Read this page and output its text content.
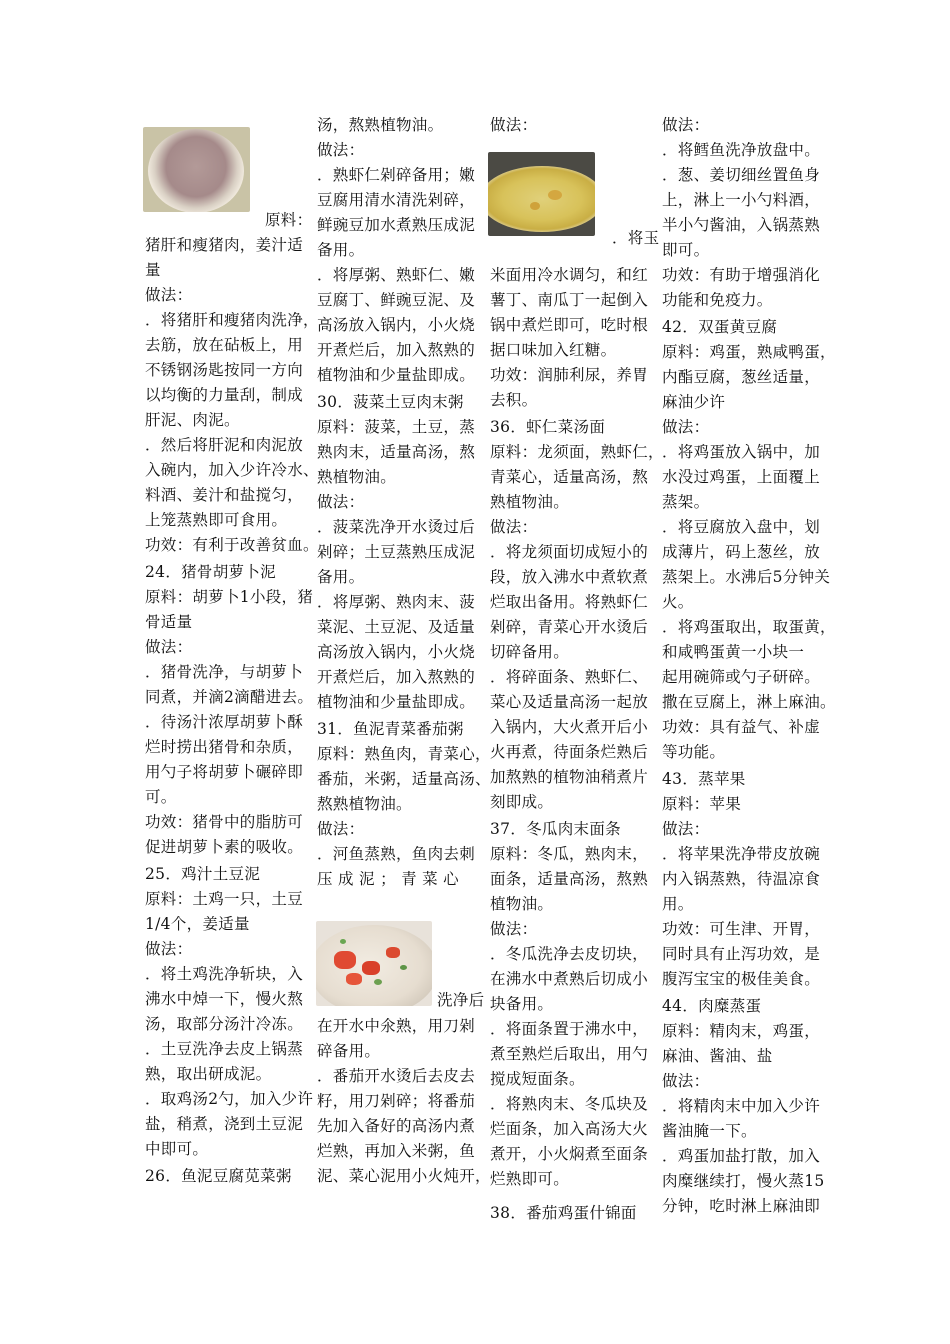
原料：
猪肝和瘦猪肉，姜汁适
量
做法：
．将猪肝和瘦猪肉洗净，
去筋，放在砧板上，用
不锈钢汤匙按同一方向
以均衡的力量刮，制成
肝泥、肉泥。
．然后将肝泥和肉泥放
入碗内，加入少许冷水、
料酒、姜汁和盐搅匀，
上笼蒸熟即可食用。
功效：有利于改善贫血。
24．猪骨胡萝卜泥
原料：胡萝卜1小段，猪
骨适量
做法：
．猪骨洗净，与胡萝卜
同煮，并滴2滴醋进去。
．待汤汁浓厚胡萝卜酥
烂时捞出猪骨和杂质，
用勺子将胡萝卜碾碎即
可。
功效：猪骨中的脂肪可
促进胡萝卜素的吸收。
25．鸡汁土豆泥
原料：土鸡一只，土豆
1/4个，姜适量
做法：
．将土鸡洗净斩块，入
沸水中焯一下，慢火熬
汤，取部分汤汁冷冻。
．土豆洗净去皮上锅蒸
熟，取出研成泥。
．取鸡汤2勺，加入少许
盐，稍煮，浇到土豆泥
中即可。
26．鱼泥豆腐苋菜粥
汤，熬熟植物油。
做法：
．熟虾仁剁碎备用；嫩
豆腐用清水清洗剁碎，
鲜豌豆加水煮熟压成泥
备用。
．将厚粥、熟虾仁、嫩
豆腐丁、鲜豌豆泥、及
高汤放入锅内，小火烧
开煮烂后，加入熬熟的
植物油和少量盐即成。
30．菠菜土豆肉末粥
原料：菠菜，土豆，蒸
熟肉末，适量高汤，熬
熟植物油。
做法：
．菠菜洗净开水烫过后
剁碎；土豆蒸熟压成泥
备用。
．将厚粥、熟肉末、菠
菜泥、土豆泥、及适量
高汤放入锅内，小火烧
开煮烂后，加入熬熟的
植物油和少量盐即成。
31．鱼泥青菜番茄粥
原料：熟鱼肉，青菜心，
番茄，米粥，适量高汤、
熬熟植物油。
做法：
．河鱼蒸熟，鱼肉去刺
压 成 泥 ； 青 菜 心
洗净后
在开水中氽熟，用刀剁
碎备用。
．番茄开水烫后去皮去
籽，用刀剁碎；将番茄
先加入备好的高汤内煮
烂熟，再加入米粥，鱼
泥、菜心泥用小火炖开，
做法：
．将玉
米面用冷水调匀，和红
薯丁、南瓜丁一起倒入
锅中煮烂即可，吃时根
据口味加入红糖。
功效：润肺利尿，养胃
去积。
36．虾仁菜汤面
原料：龙须面，熟虾仁，
青菜心，适量高汤，熬
熟植物油。
做法：
．将龙须面切成短小的
段，放入沸水中煮软煮
烂取出备用。将熟虾仁
剁碎，青菜心开水烫后
切碎备用。
．将碎面条、熟虾仁、
菜心及适量高汤一起放
入锅内，大火煮开后小
火再煮，待面条烂熟后
加熬熟的植物油稍煮片
刻即成。
37．冬瓜肉末面条
原料：冬瓜，熟肉末，
面条，适量高汤，熬熟
植物油。
做法：
．冬瓜洗净去皮切块，
在沸水中煮熟后切成小
块备用。
．将面条置于沸水中，
煮至熟烂后取出，用勺
搅成短面条。
．将熟肉末、冬瓜块及
烂面条，加入高汤大火
煮开，小火焖煮至面条
烂熟即可。
38．番茄鸡蛋什锦面
做法：
．将鳕鱼洗净放盘中。
．葱、姜切细丝置鱼身
上，淋上一小勺料酒，
半小勺酱油，入锅蒸熟
即可。
功效：有助于增强消化
功能和免疫力。
42．双蛋黄豆腐
原料：鸡蛋，熟咸鸭蛋，
内酯豆腐，葱丝适量，
麻油少许
做法：
．将鸡蛋放入锅中，加
水没过鸡蛋，上面覆上
蒸架。
．将豆腐放入盘中，划
成薄片，码上葱丝，放
蒸架上。水沸后5分钟关
火。
．将鸡蛋取出，取蛋黄，
和咸鸭蛋黄一小块一
起用碗筛或勺子研碎。
撒在豆腐上，淋上麻油。
功效：具有益气、补虚
等功能。
43．蒸苹果
原料：苹果
做法：
．将苹果洗净带皮放碗
内入锅蒸熟，待温凉食
用。
功效：可生津、开胃，
同时具有止泻功效，是
腹泻宝宝的极佳美食。
44．肉糜蒸蛋
原料：精肉末，鸡蛋，
麻油、酱油、盐
做法：
．将精肉末中加入少许
酱油腌一下。
．鸡蛋加盐打散，加入
肉糜继续打，慢火蒸15
分钟，吃时淋上麻油即
